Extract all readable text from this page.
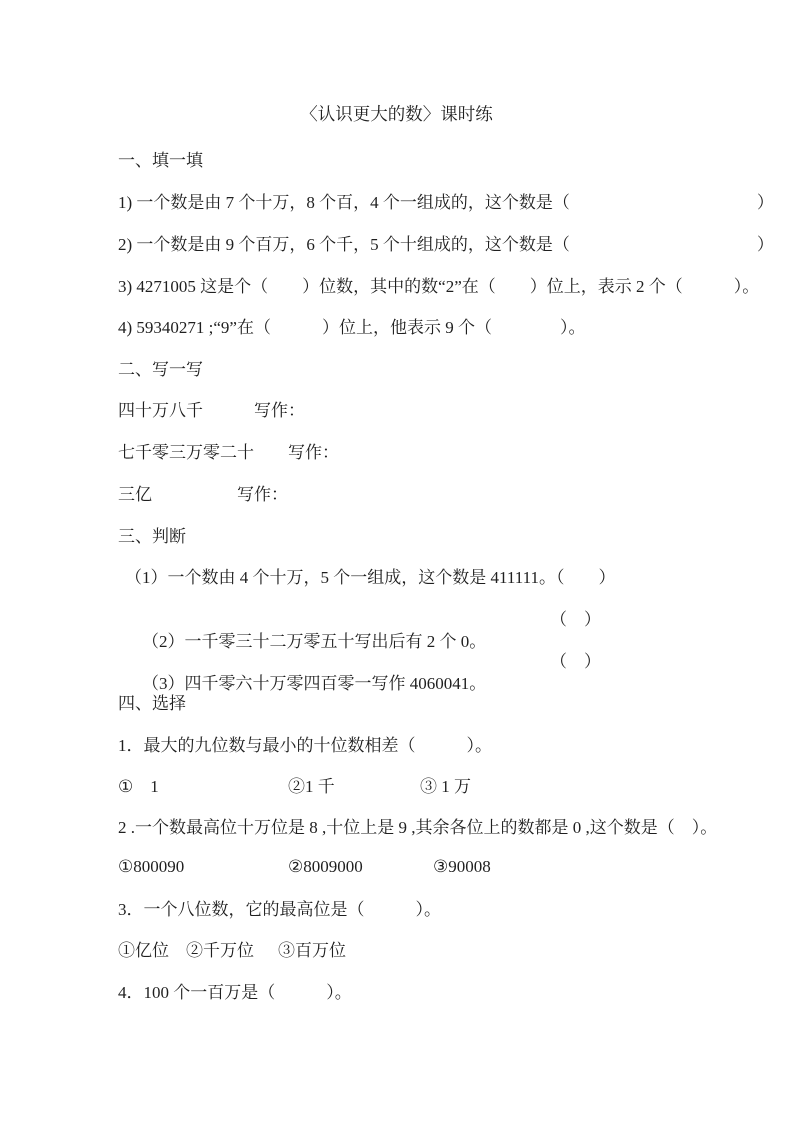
〈认识更大的数〉课时练
一、填一填
1) 一个数是由 7 个十万，8 个百，4 个一组成的，这个数是（　　　　　　　　　　　）
2) 一个数是由 9 个百万，6 个千，5 个十组成的，这个数是（　　　　　　　　　　　）
3) 4271005 这是个（　　）位数，其中的数“2”在（　　）位上，表示 2 个（　　　）。
4) 59340271 ;“9”在（　　　）位上，他表示 9 个（　　　　）。
二、写一写
四十万八千　　　写作：
七千零三万零二十　　写作：
三亿　　　　　写作：
三、判断
（1）一个数由 4 个十万，5 个一组成，这个数是 411111。（　　）

（2）一千零三十二万零五十写出后有 2 个 0。

（　）

（3）四千零六十万零四百零一写作 4060041。

（　）

四、选择
1．最大的九位数与最小的十位数相差（　　　）。

①　1

	②1 千

	③ 1 万

2 .一个数最高位十万位是 8 ,十位上是 9 ,其余各位上的数都是 0 ,这个数是（　）。

①800090

	②8009000

	③90008

3．一个八位数，它的最高位是（　　　）。

①亿位

②千万位

③百万位

4．100 个一百万是（　　　）。
